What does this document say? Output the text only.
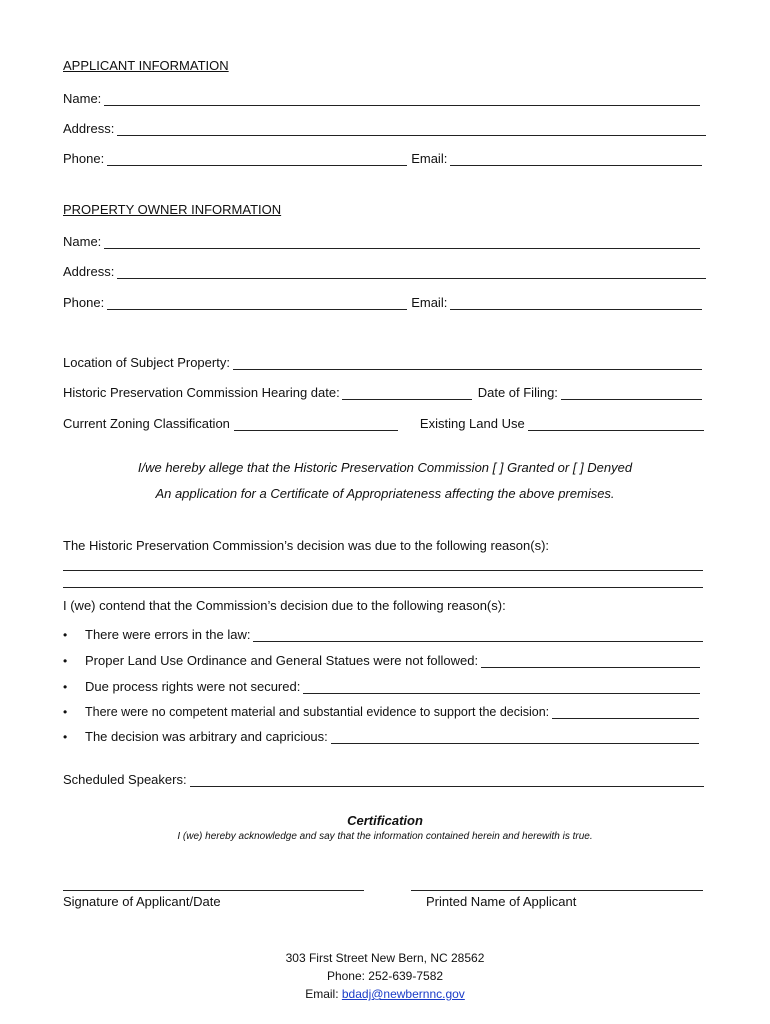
APPLICANT INFORMATION
Name:
Address:
Phone:	Email:
PROPERTY OWNER INFORMATION
Name:
Address:
Phone:	Email:
Location of Subject Property:
Historic Preservation Commission Hearing date:	Date of Filing:
Current Zoning Classification	Existing Land Use
I/we hereby allege that the Historic Preservation Commission [ ] Granted or [ ] Denyed
An application for a Certificate of Appropriateness affecting the above premises.
The Historic Preservation Commission’s decision was due to the following reason(s):
I (we) contend that the Commission’s decision due to the following reason(s):
•	There were errors in the law:
•	Proper Land Use Ordinance and General Statues were not followed:
•	Due process rights were not secured:
•	There were no competent material and substantial evidence to support the decision:
•	The decision was arbitrary and capricious:
Scheduled Speakers:
Certification
I (we) hereby acknowledge and say that the information contained herein and herewith is true.
Signature of Applicant/Date	Printed Name of Applicant
303 First Street New Bern, NC 28562
Phone: 252-639-7582
Email: bdadj@newbernnc.gov
